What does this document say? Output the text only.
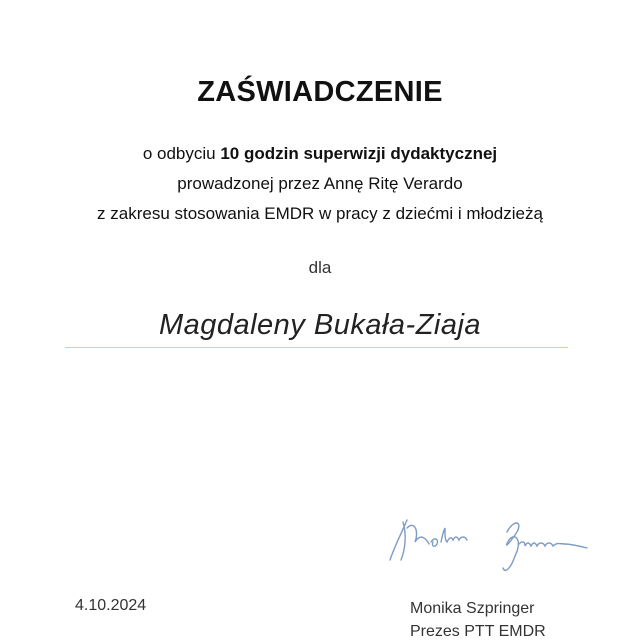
ZAŚWIADCZENIE
o odbyciu 10 godzin superwizji dydaktycznej
prowadzonej przez Annę Ritę Verardo
z zakresu stosowania EMDR w pracy z dziećmi i młodzieżą
dla
Magdaleny Bukała-Ziaja
4.10.2024	Monika Szpringer
Prezes PTT EMDR
